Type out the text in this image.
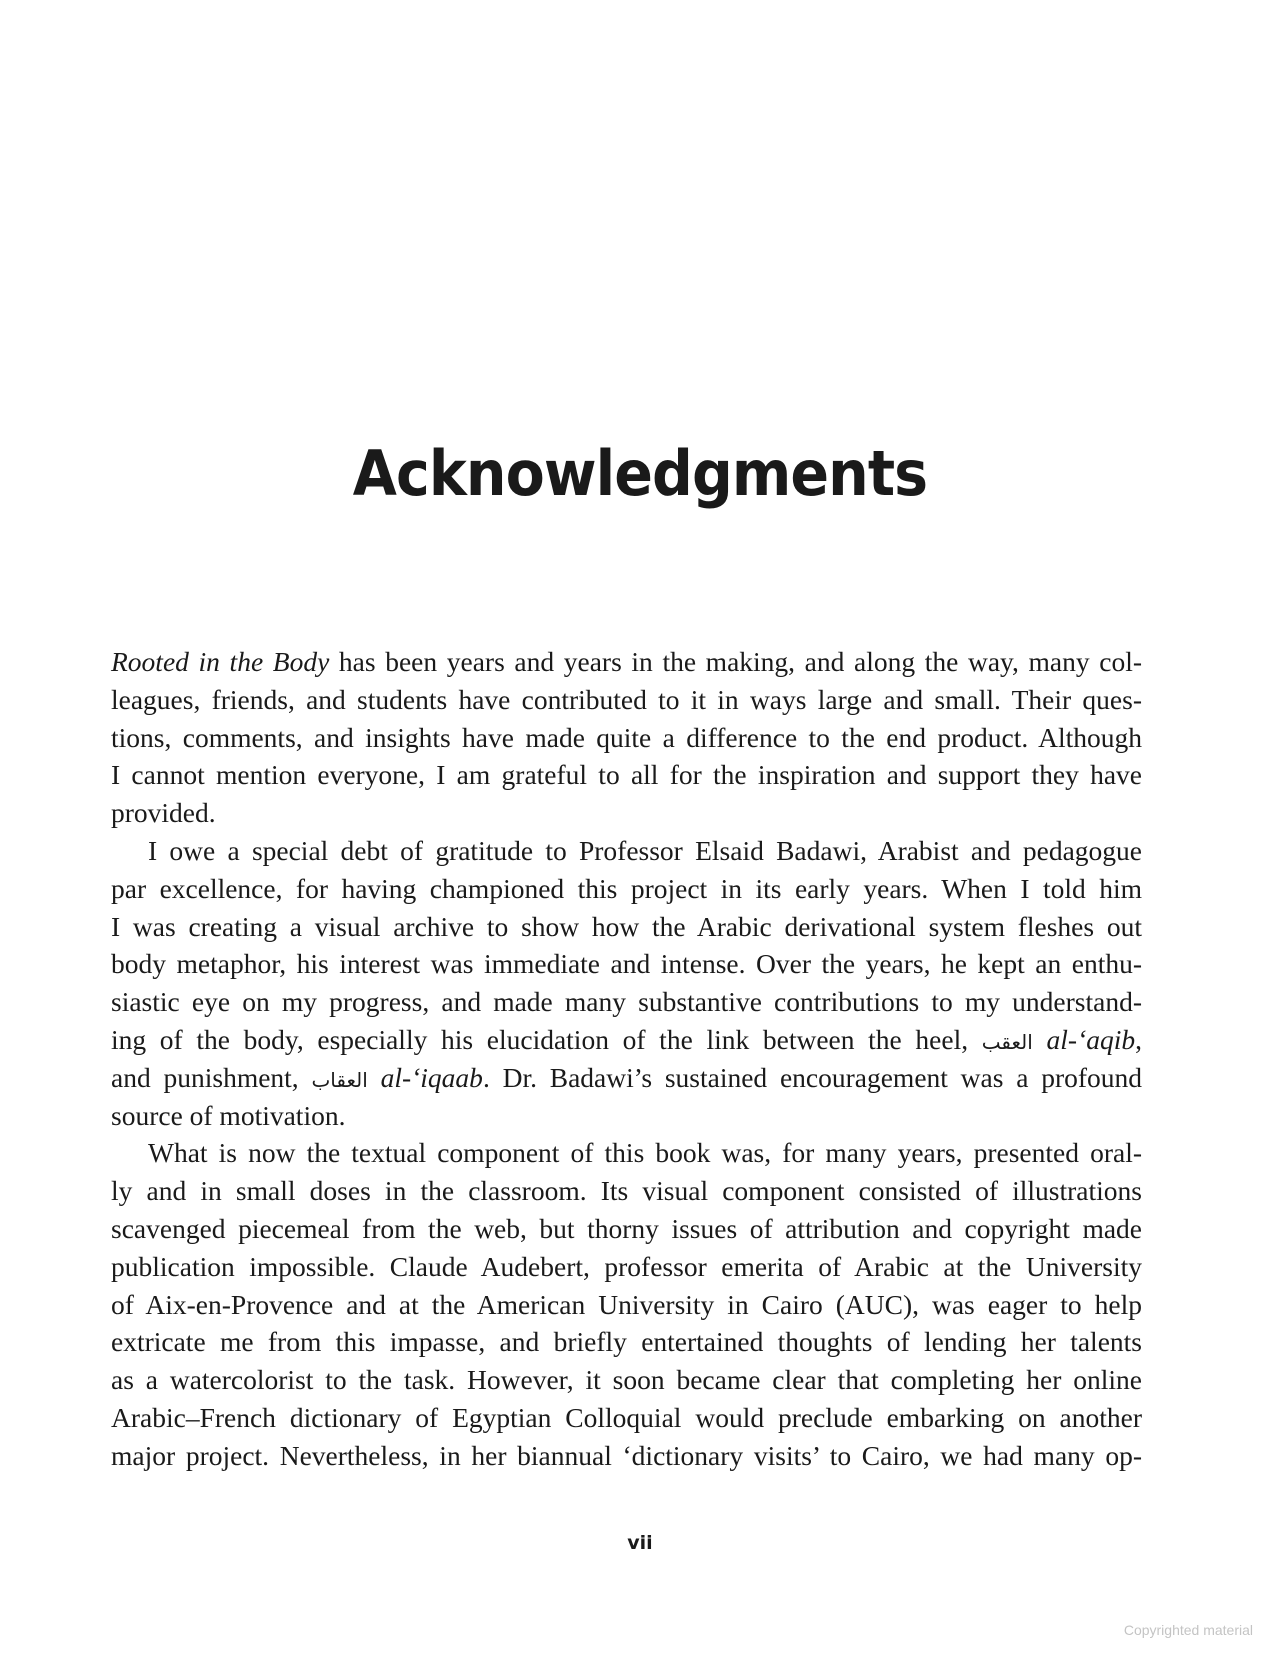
Acknowledgments
Rooted in the Body has been years and years in the making, and along the way, many col-
leagues, friends, and students have contributed to it in ways large and small. Their ques-
tions, comments, and insights have made quite a difference to the end product. Although
I cannot mention everyone, I am grateful to all for the inspiration and support they have
provided.
I owe a special debt of gratitude to Professor Elsaid Badawi, Arabist and pedagogue
par excellence, for having championed this project in its early years. When I told him
I was creating a visual archive to show how the Arabic derivational system fleshes out
body metaphor, his interest was immediate and intense. Over the years, he kept an enthu-
siastic eye on my progress, and made many substantive contributions to my understand-
ing of the body, especially his elucidation of the link between the heel, العقب al-‘aqib,
and punishment, العقاب al-‘iqaab. Dr. Badawi’s sustained encouragement was a profound
source of motivation.
What is now the textual component of this book was, for many years, presented oral-
ly and in small doses in the classroom. Its visual component consisted of illustrations
scavenged piecemeal from the web, but thorny issues of attribution and copyright made
publication impossible. Claude Audebert, professor emerita of Arabic at the University
of Aix-en-Provence and at the American University in Cairo (AUC), was eager to help
extricate me from this impasse, and briefly entertained thoughts of lending her talents
as a watercolorist to the task. However, it soon became clear that completing her online
Arabic–French dictionary of Egyptian Colloquial would preclude embarking on another
major project. Nevertheless, in her biannual ‘dictionary visits’ to Cairo, we had many op-
vii
Copyrighted material
